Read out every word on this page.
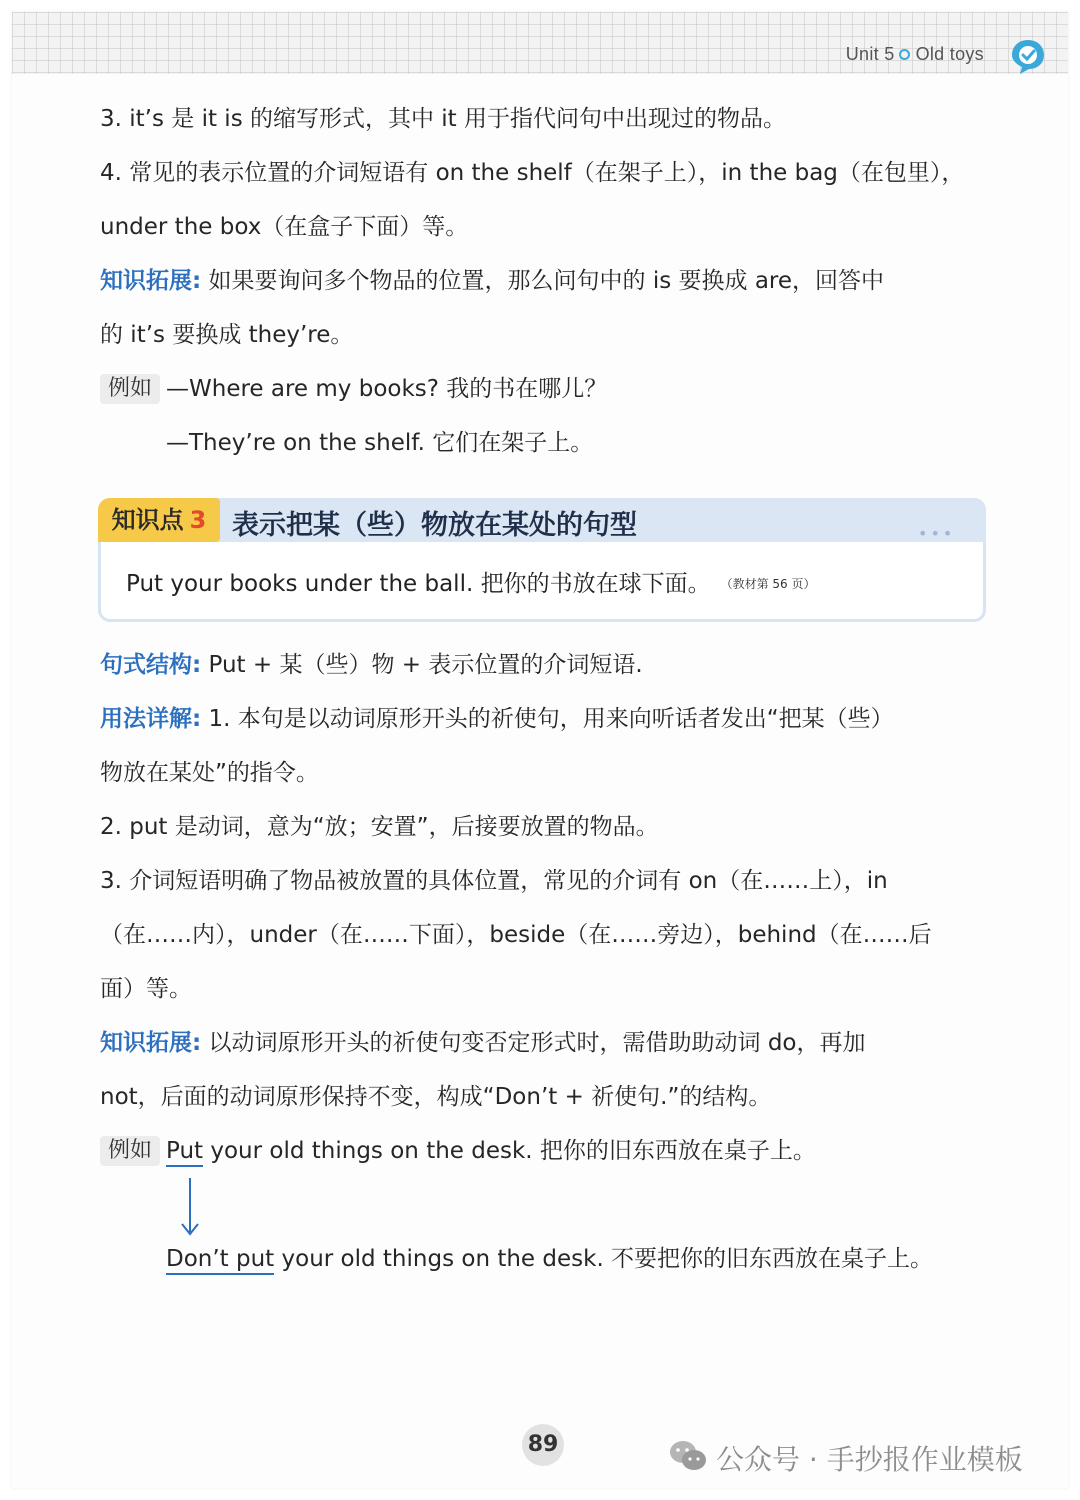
Unit 5 Old toys
3. it’s 是 it is 的缩写形式，其中 it 用于指代问句中出现过的物品。
4. 常见的表示位置的介词短语有 on the shelf（在架子上），in the bag（在包里），
under the box（在盒子下面）等。
知识拓展: 如果要询问多个物品的位置，那么问句中的 is 要换成 are，回答中
的 it’s 要换成 they’re。
例如 —Where are my books? 我的书在哪儿？
—They’re on the shelf. 它们在架子上。
知识点 3 表示把某（些）物放在某处的句型	•••
Put your books under the ball. 把你的书放在球下面。 （教材第 56 页）
句式结构: Put + 某（些）物 + 表示位置的介词短语.
用法详解: 1. 本句是以动词原形开头的祈使句，用来向听话者发出“把某（些）
物放在某处”的指令。
2. put 是动词，意为“放；安置”，后接要放置的物品。
3. 介词短语明确了物品被放置的具体位置，常见的介词有 on（在……上），in
（在……内），under（在……下面），beside（在……旁边），behind（在……后
面）等。
知识拓展: 以动词原形开头的祈使句变否定形式时，需借助助动词 do，再加
not，后面的动词原形保持不变，构成“Don’t + 祈使句.”的结构。
例如 Put your old things on the desk. 把你的旧东西放在桌子上。
Don’t put your old things on the desk. 不要把你的旧东西放在桌子上。
89	公众号 · 手抄报作业模板
